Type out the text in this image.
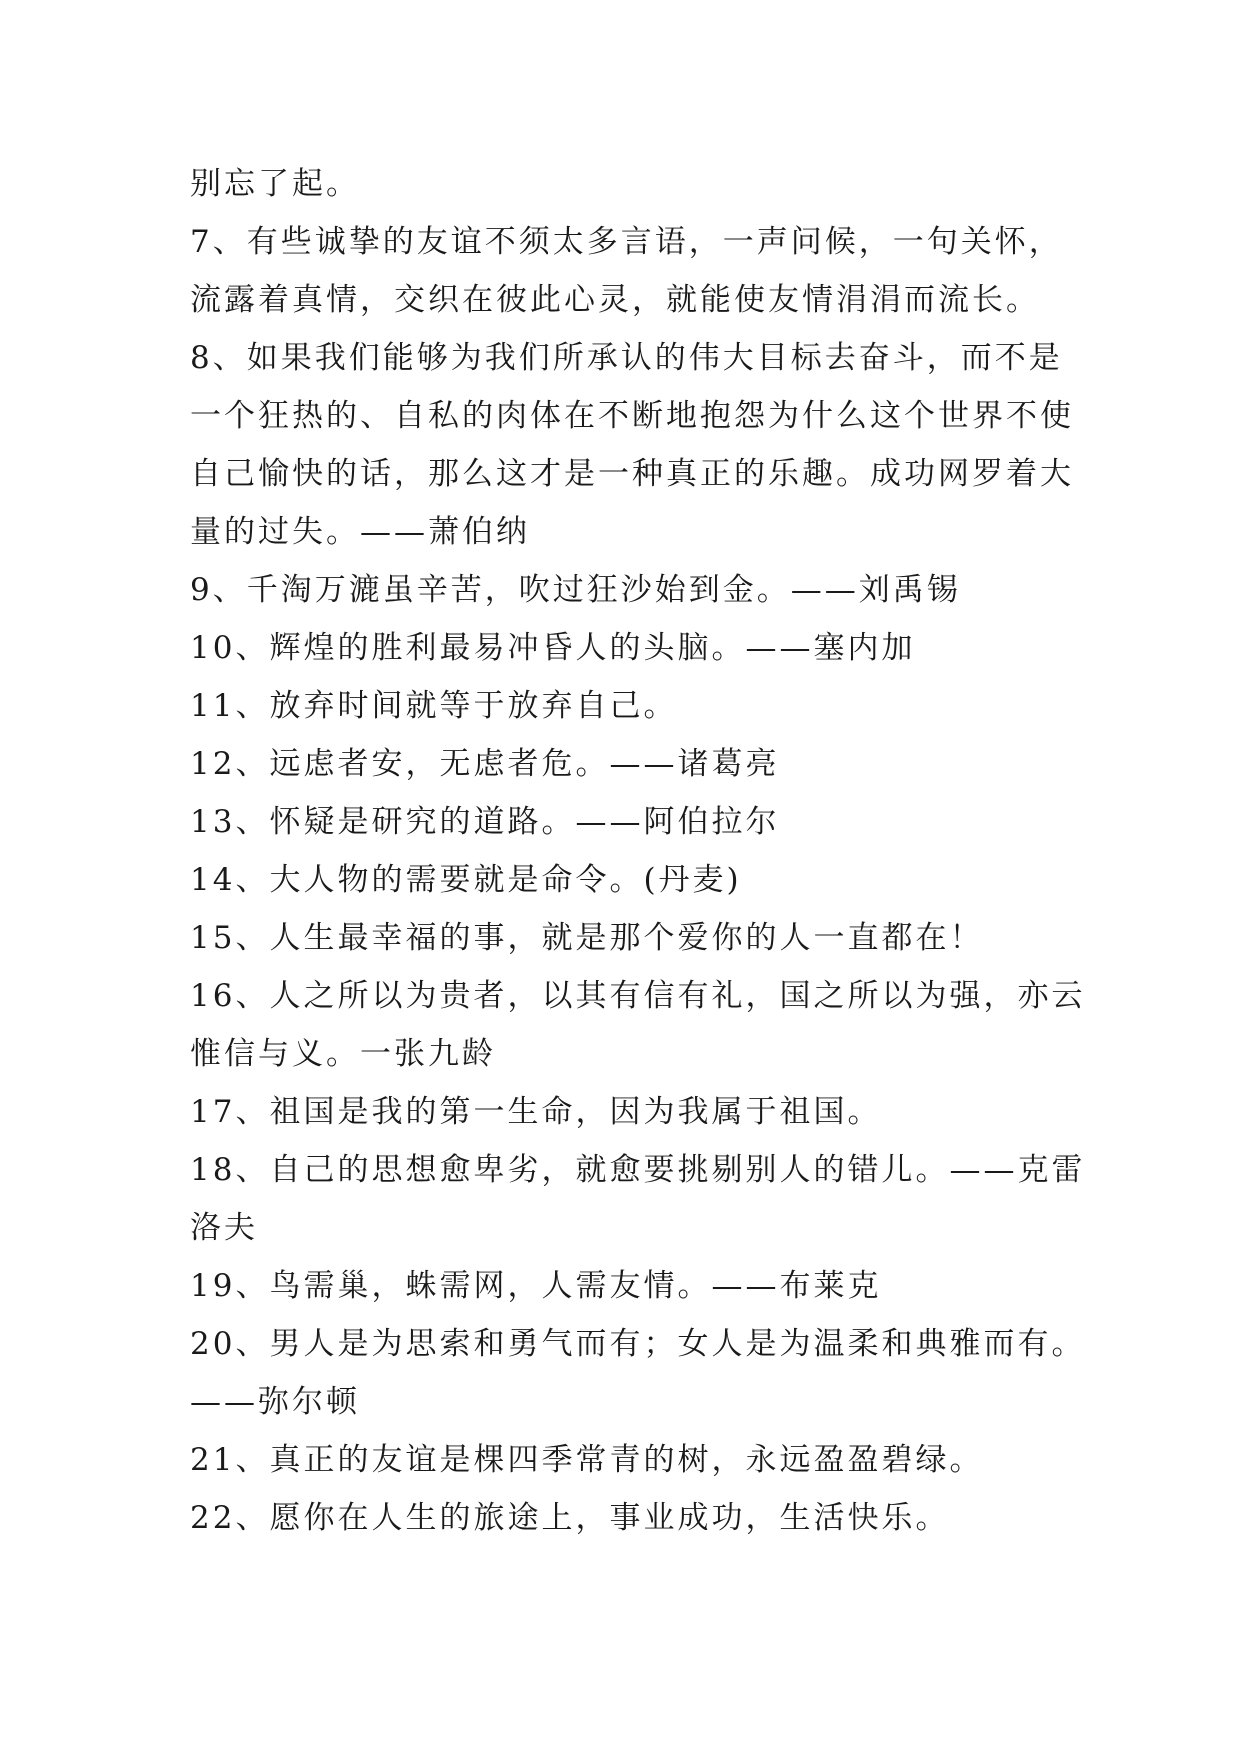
别忘了起。
7、有些诚挚的友谊不须太多言语，一声问候，一句关怀，
流露着真情，交织在彼此心灵，就能使友情涓涓而流长。
8、如果我们能够为我们所承认的伟大目标去奋斗，而不是
一个狂热的、自私的肉体在不断地抱怨为什么这个世界不使
自己愉快的话，那么这才是一种真正的乐趣。成功网罗着大
量的过失。——萧伯纳
9、千淘万漉虽辛苦，吹过狂沙始到金。——刘禹锡
10、辉煌的胜利最易冲昏人的头脑。——塞内加
11、放弃时间就等于放弃自己。
12、远虑者安，无虑者危。——诸葛亮
13、怀疑是研究的道路。——阿伯拉尔
14、大人物的需要就是命令。(丹麦)
15、人生最幸福的事，就是那个爱你的人一直都在！
16、人之所以为贵者，以其有信有礼，国之所以为强，亦云
惟信与义。一张九龄
17、祖国是我的第一生命，因为我属于祖国。
18、自己的思想愈卑劣，就愈要挑剔别人的错儿。——克雷
洛夫
19、鸟需巢，蛛需网，人需友情。——布莱克
20、男人是为思索和勇气而有；女人是为温柔和典雅而有。
——弥尔顿
21、真正的友谊是棵四季常青的树，永远盈盈碧绿。
22、愿你在人生的旅途上，事业成功，生活快乐。
